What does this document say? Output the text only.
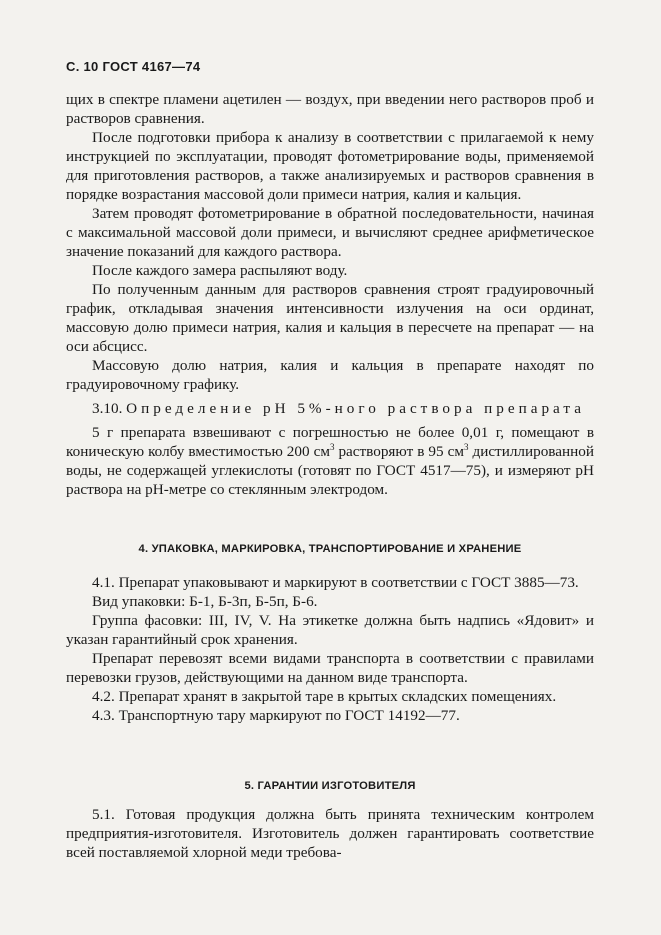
С. 10 ГОСТ 4167—74

щих в спектре пламени ацетилен — воздух, при введении него растворов проб и растворов сравнения.

После подготовки прибора к анализу в соответствии с прилагаемой к нему инструкцией по эксплуатации, проводят фотометрирование воды, применяемой для приготовления растворов, а также анализируемых и растворов сравнения в порядке возрастания массовой доли примеси натрия, калия и кальция.

Затем проводят фотометрирование в обратной последовательности, начиная с максимальной массовой доли примеси, и вычисляют среднее арифметическое значение показаний для каждого раствора.

После каждого замера распыляют воду.

По полученным данным для растворов сравнения строят градуировочный график, откладывая значения интенсивности излучения на оси ординат, массовую долю примеси натрия, калия и кальция в пересчете на препарат — на оси абсцисс.

Массовую долю натрия, калия и кальция в препарате находят по градуировочному графику.

3.10. Определение pH 5%-ного раствора препарата

5 г препарата взвешивают с погрешностью не более 0,01 г, помещают в коническую колбу вместимостью 200 $см^3$ растворяют в 95 $см^3$ дистиллированной воды, не содержащей углекислоты (готовят по ГОСТ 4517—75), и измеряют pH раствора на pH-метре со стеклянным электродом.

4. УПАКОВКА, МАРКИРОВКА, ТРАНСПОРТИРОВАНИЕ И ХРАНЕНИЕ

4.1. Препарат упаковывают и маркируют в соответствии с ГОСТ 3885—73.

Вид упаковки: Б-1, Б-3п, Б-5п, Б-6.

Группа фасовки: III, IV, V. На этикетке должна быть надпись «Ядовит» и указан гарантийный срок хранения.

Препарат перевозят всеми видами транспорта в соответствии с правилами перевозки грузов, действующими на данном виде транспорта.

4.2. Препарат хранят в закрытой таре в крытых складских помещениях.

4.3. Транспортную тару маркируют по ГОСТ 14192—77.

5. ГАРАНТИИ ИЗГОТОВИТЕЛЯ

5.1. Готовая продукция должна быть принята техническим контролем предприятия-изготовителя. Изготовитель должен гарантировать соответствие всей поставляемой хлорной меди требова-
